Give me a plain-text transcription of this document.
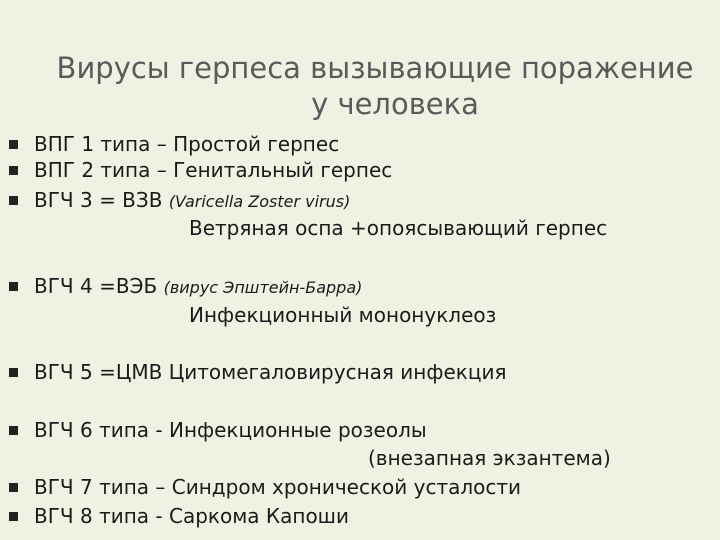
Вирусы герпеса вызывающие поражение
у человека
ВПГ 1 типа – Простой герпес
ВПГ 2 типа – Генитальный герпес
ВГЧ 3 = ВЗВ (Varicella Zoster virus)
Ветряная оспа +опоясывающий герпес
ВГЧ 4 =ВЭБ (вирус Эпштейн-Барра)
Инфекционный мононуклеоз
ВГЧ 5 =ЦМВ Цитомегаловирусная инфекция
ВГЧ 6 типа - Инфекционные розеолы
(внезапная экзантема)
ВГЧ 7 типа – Синдром хронической усталости
ВГЧ 8 типа - Саркома Капоши
